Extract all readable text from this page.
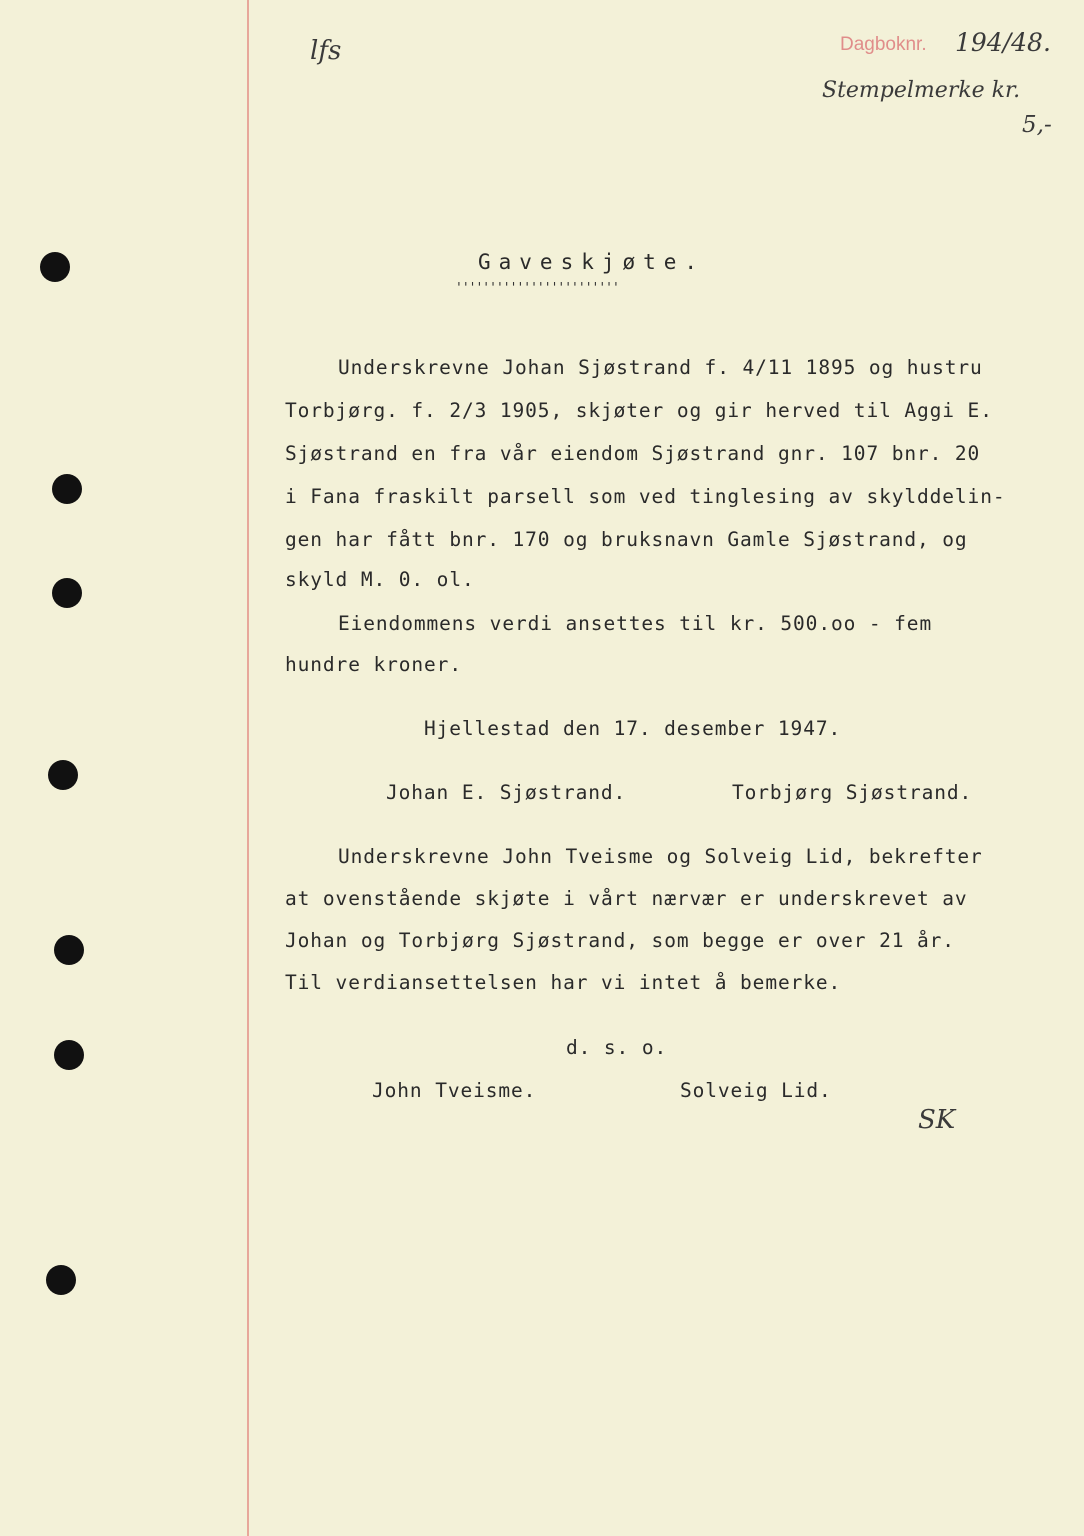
lfs	Dagboknr. 194/48.
Stempelmerke kr.
5,-
SK
Gaveskjøte.
''''''''''''''''''''''''
Underskrevne Johan Sjøstrand f. 4/11 1895 og hustru
Torbjørg. f. 2/3 1905, skjøter og gir herved til Aggi E.
Sjøstrand en fra vår eiendom Sjøstrand gnr. 107 bnr. 20
i Fana fraskilt parsell som ved tinglesing av skylddelin-
gen har fått bnr. 170 og bruksnavn Gamle Sjøstrand, og
skyld M. 0. ol.
Eiendommens verdi ansettes til kr. 500.oo - fem
hundre kroner.
Hjellestad den 17. desember 1947.
Johan E. Sjøstrand.	Torbjørg Sjøstrand.
Underskrevne John Tveisme og Solveig Lid, bekrefter
at ovenstående skjøte i vårt nærvær er underskrevet av
Johan og Torbjørg Sjøstrand, som begge er over 21 år.
Til verdiansettelsen har vi intet å bemerke.
d. s. o.
John Tveisme.	Solveig Lid.
